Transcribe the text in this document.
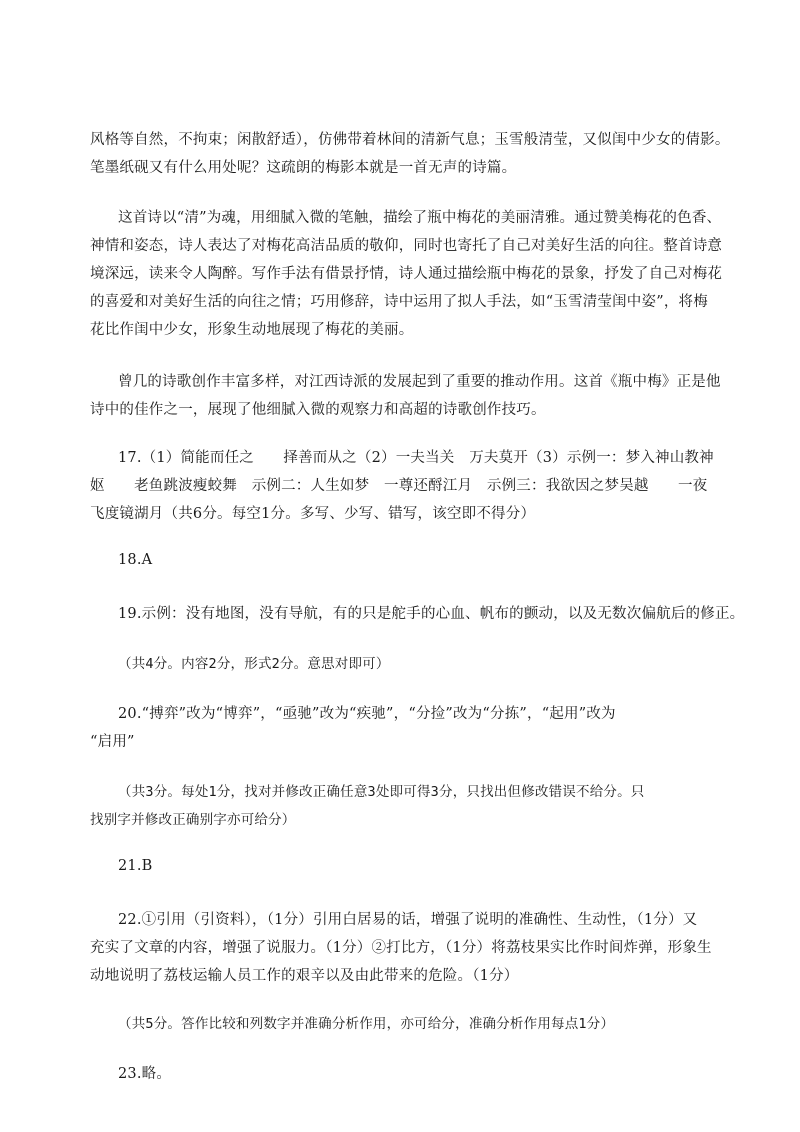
风格等自然，不拘束；闲散舒适），仿佛带着林间的清新气息；玉雪般清莹，又似闺中少女的倩影。
笔墨纸砚又有什么用处呢？这疏朗的梅影本就是一首无声的诗篇。
这首诗以“清”为魂，用细腻入微的笔触，描绘了瓶中梅花的美丽清雅。通过赞美梅花的色香、
神情和姿态，诗人表达了对梅花高洁品质的敬仰，同时也寄托了自己对美好生活的向往。整首诗意
境深远，读来令人陶醉。写作手法有借景抒情，诗人通过描绘瓶中梅花的景象，抒发了自己对梅花
的喜爱和对美好生活的向往之情；巧用修辞，诗中运用了拟人手法，如“玉雪清莹闺中姿”，将梅
花比作闺中少女，形象生动地展现了梅花的美丽。
曾几的诗歌创作丰富多样，对江西诗派的发展起到了重要的推动作用。这首《瓶中梅》正是他
诗中的佳作之一，展现了他细腻入微的观察力和高超的诗歌创作技巧。
17.（1）简能而任之　　择善而从之（2）一夫当关　万夫莫开（3）示例一：梦入神山教神
妪　　老鱼跳波瘦蛟舞　示例二：人生如梦　一尊还酹江月　示例三：我欲因之梦吴越　　一夜
飞度镜湖月（共6分。每空1分。多写、少写、错写，该空即不得分）
18.A
19.示例：没有地图，没有导航，有的只是舵手的心血、帆布的颤动，以及无数次偏航后的修正。
（共4分。内容2分，形式2分。意思对即可）
20.“搏弈”改为“博弈”，“亟驰”改为“疾驰”，“分捡”改为“分拣”，“起用”改为
“启用”
（共3分。每处1分，找对并修改正确任意3处即可得3分，只找出但修改错误不给分。只
找别字并修改正确别字亦可给分）
21.B
22.①引用（引资料），（1分）引用白居易的话，增强了说明的准确性、生动性，（1分）又
充实了文章的内容，增强了说服力。（1分）②打比方，（1分）将荔枝果实比作时间炸弹，形象生
动地说明了荔枝运输人员工作的艰辛以及由此带来的危险。（1分）
（共5分。答作比较和列数字并准确分析作用，亦可给分，准确分析作用每点1分）
23.略。
